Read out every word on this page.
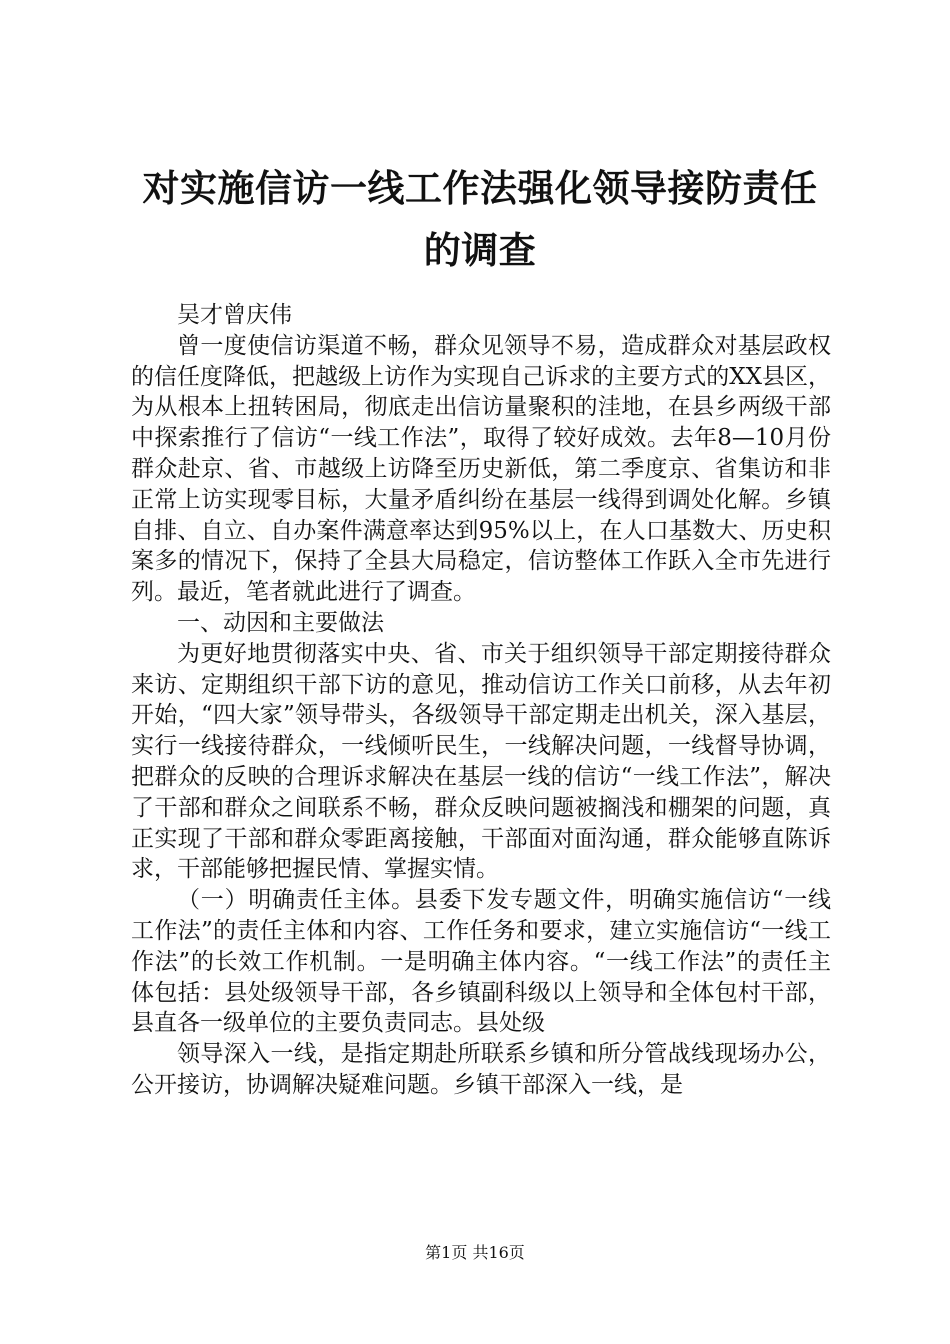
对实施信访一线工作法强化领导接防责任的调查

吴才曾庆伟

曾一度使信访渠道不畅，群众见领导不易，造成群众对基层政权的信任度降低，把越级上访作为实现自己诉求的主要方式的XX县区，为从根本上扭转困局，彻底走出信访量聚积的洼地，在县乡两级干部中探索推行了信访“一线工作法”，取得了较好成效。去年8—10月份群众赴京、省、市越级上访降至历史新低，第二季度京、省集访和非正常上访实现零目标，大量矛盾纠纷在基层一线得到调处化解。乡镇自排、自立、自办案件满意率达到95%以上，在人口基数大、历史积案多的情况下，保持了全县大局稳定，信访整体工作跃入全市先进行列。最近，笔者就此进行了调查。

一、动因和主要做法

为更好地贯彻落实中央、省、市关于组织领导干部定期接待群众来访、定期组织干部下访的意见，推动信访工作关口前移，从去年初开始，“四大家”领导带头，各级领导干部定期走出机关，深入基层，实行一线接待群众，一线倾听民生，一线解决问题，一线督导协调，把群众的反映的合理诉求解决在基层一线的信访“一线工作法”，解决了干部和群众之间联系不畅，群众反映问题被搁浅和棚架的问题，真正实现了干部和群众零距离接触，干部面对面沟通，群众能够直陈诉求，干部能够把握民情、掌握实情。

（一）明确责任主体。县委下发专题文件，明确实施信访“一线工作法”的责任主体和内容、工作任务和要求，建立实施信访“一线工作法”的长效工作机制。一是明确主体内容。“一线工作法”的责任主体包括：县处级领导干部，各乡镇副科级以上领导和全体包村干部，县直各一级单位的主要负责同志。县处级

领导深入一线，是指定期赴所联系乡镇和所分管战线现场办公，公开接访，协调解决疑难问题。乡镇干部深入一线，是

第1页 共16页
